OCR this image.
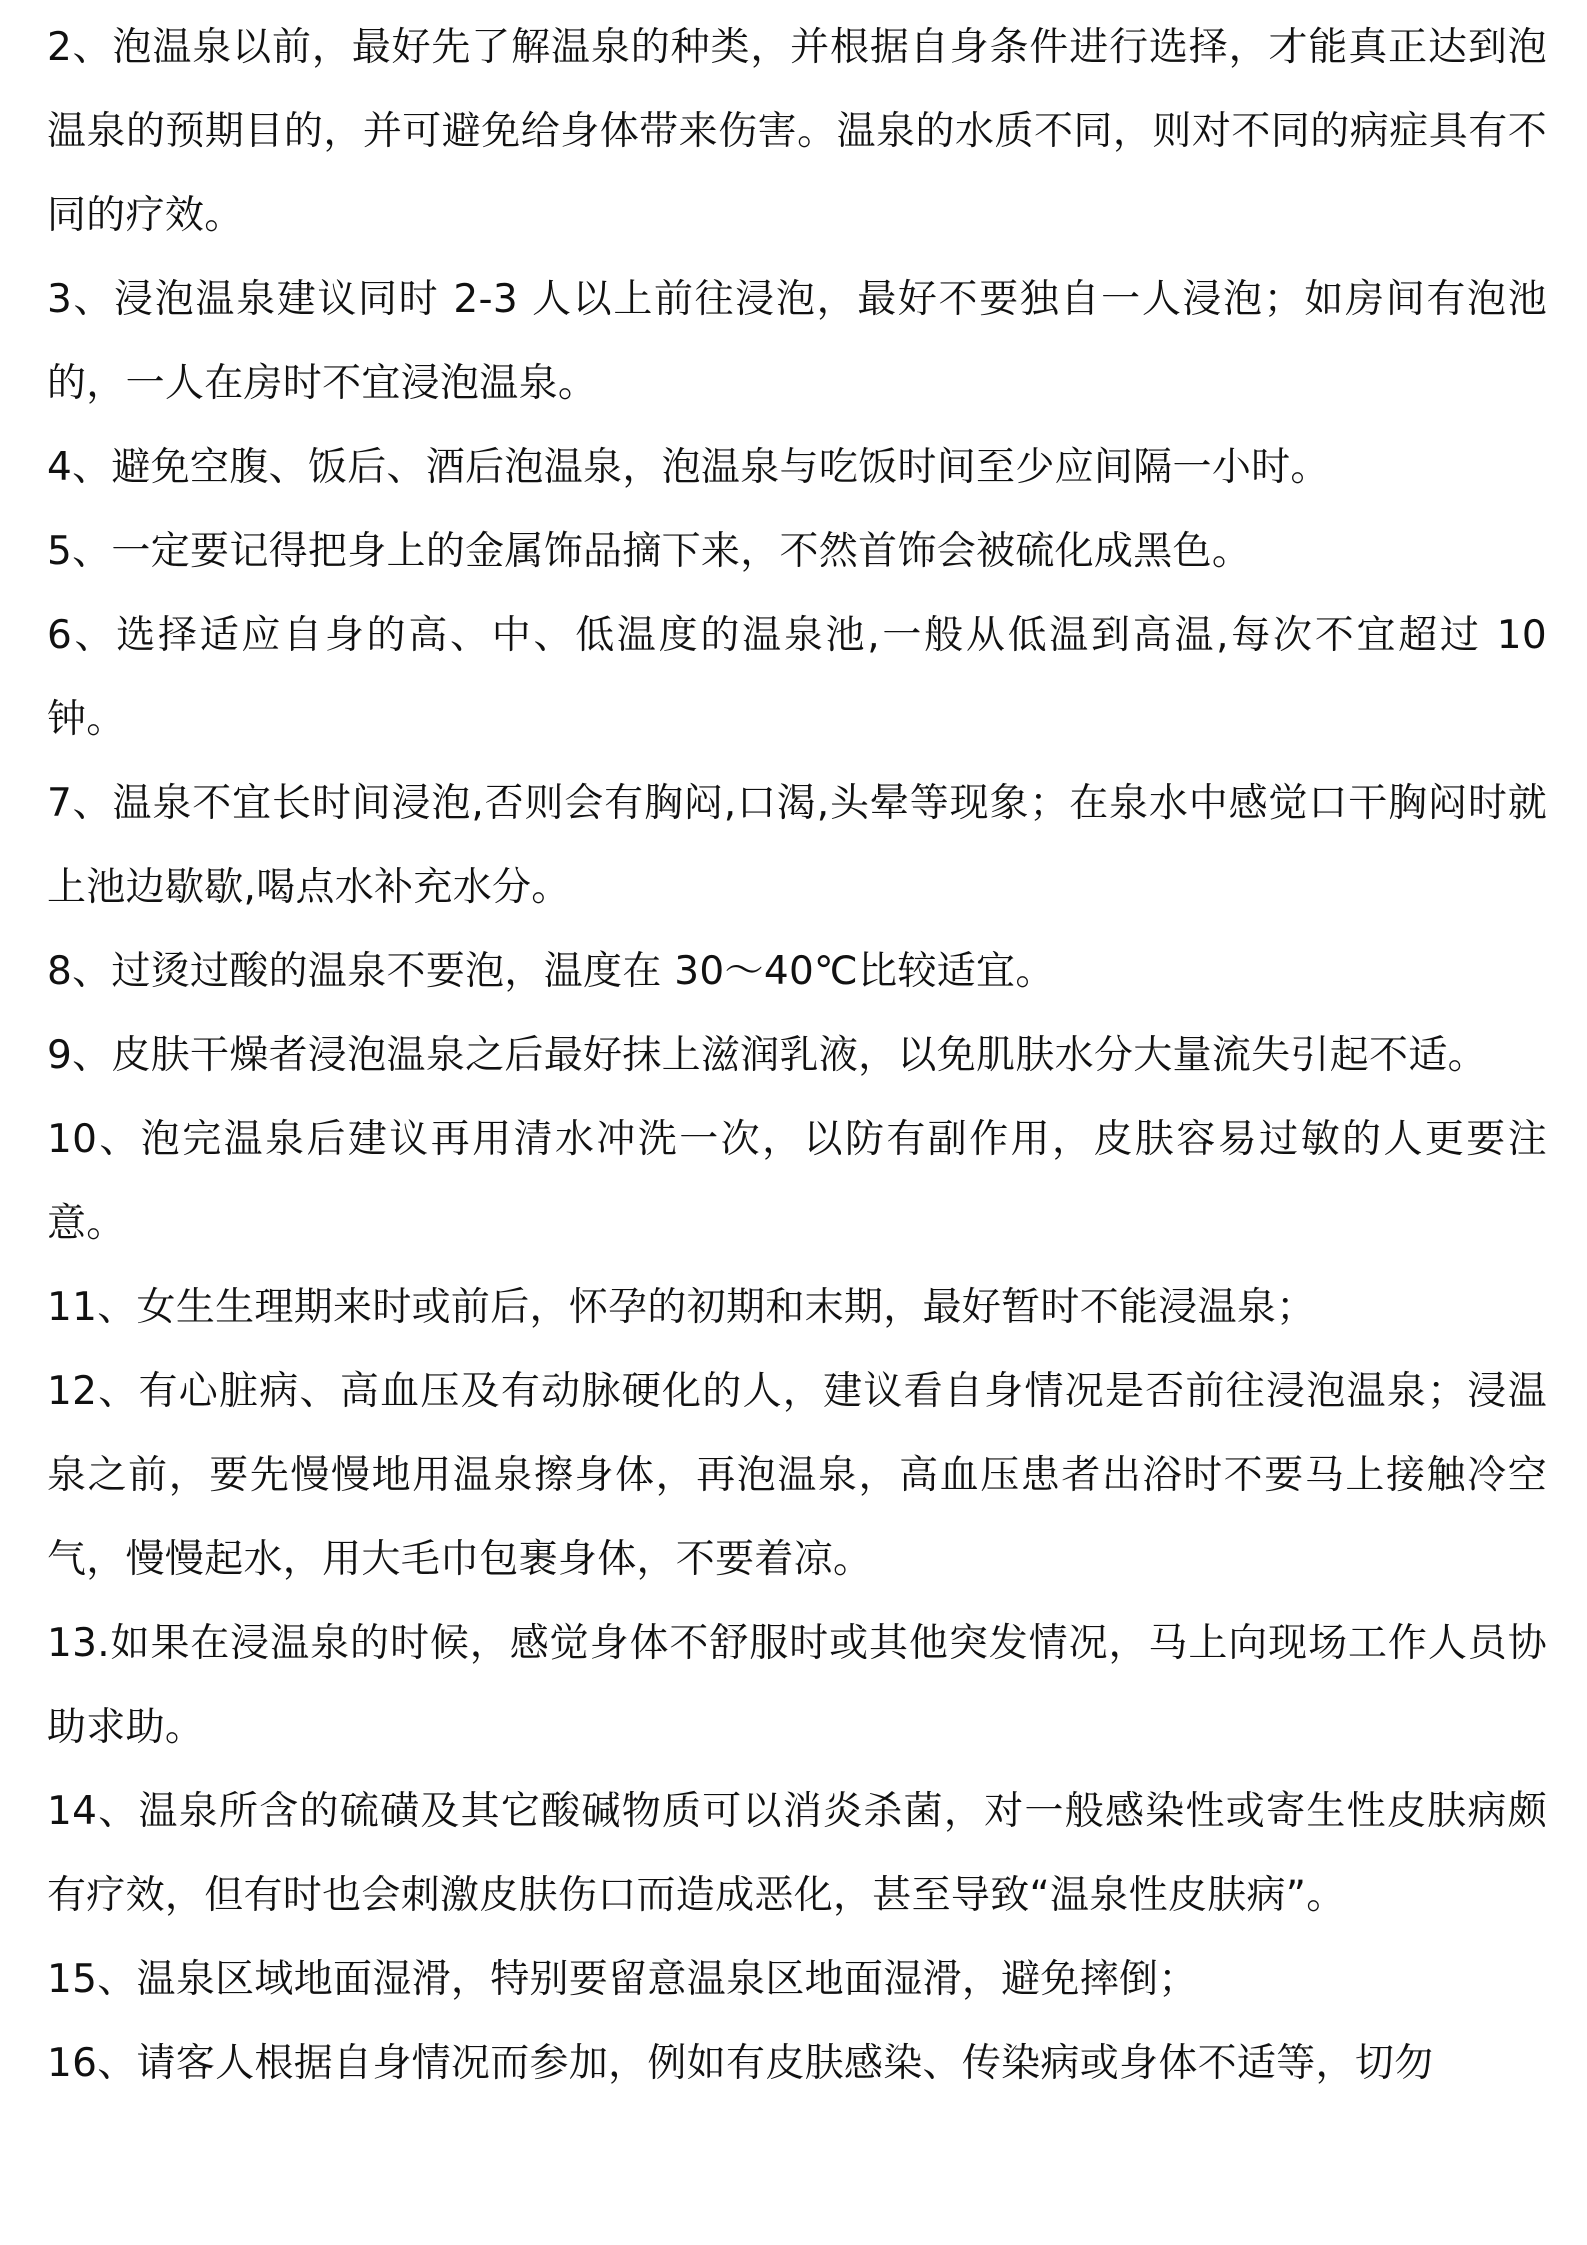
2、泡温泉以前，最好先了解温泉的种类，并根据自身条件进行选择，才能真正达到泡温泉的预期目的，并可避免给身体带来伤害。温泉的水质不同，则对不同的病症具有不同的疗效。

3、浸泡温泉建议同时 2-3 人以上前往浸泡，最好不要独自一人浸泡；如房间有泡池的，一人在房时不宜浸泡温泉。

4、避免空腹、饭后、酒后泡温泉，泡温泉与吃饭时间至少应间隔一小时。

5、一定要记得把身上的金属饰品摘下来，不然首饰会被硫化成黑色。

6、选择适应自身的高、中、低温度的温泉池,一般从低温到高温,每次不宜超过 10 钟。

7、温泉不宜长时间浸泡,否则会有胸闷,口渴,头晕等现象；在泉水中感觉口干胸闷时就上池边歇歇,喝点水补充水分。

8、过烫过酸的温泉不要泡，温度在 30～40℃比较适宜。

9、皮肤干燥者浸泡温泉之后最好抹上滋润乳液，以免肌肤水分大量流失引起不适。

10、泡完温泉后建议再用清水冲洗一次，以防有副作用，皮肤容易过敏的人更要注意。

11、女生生理期来时或前后，怀孕的初期和末期，最好暂时不能浸温泉；

12、有心脏病、高血压及有动脉硬化的人，建议看自身情况是否前往浸泡温泉；浸温泉之前，要先慢慢地用温泉擦身体，再泡温泉，高血压患者出浴时不要马上接触冷空气，慢慢起水，用大毛巾包裹身体，不要着凉。

13.如果在浸温泉的时候，感觉身体不舒服时或其他突发情况，马上向现场工作人员协助求助。

14、温泉所含的硫磺及其它酸碱物质可以消炎杀菌，对一般感染性或寄生性皮肤病颇有疗效，但有时也会刺激皮肤伤口而造成恶化，甚至导致“温泉性皮肤病”。

15、温泉区域地面湿滑，特别要留意温泉区地面湿滑，避免摔倒；

16、请客人根据自身情况而参加，例如有皮肤感染、传染病或身体不适等，切勿
